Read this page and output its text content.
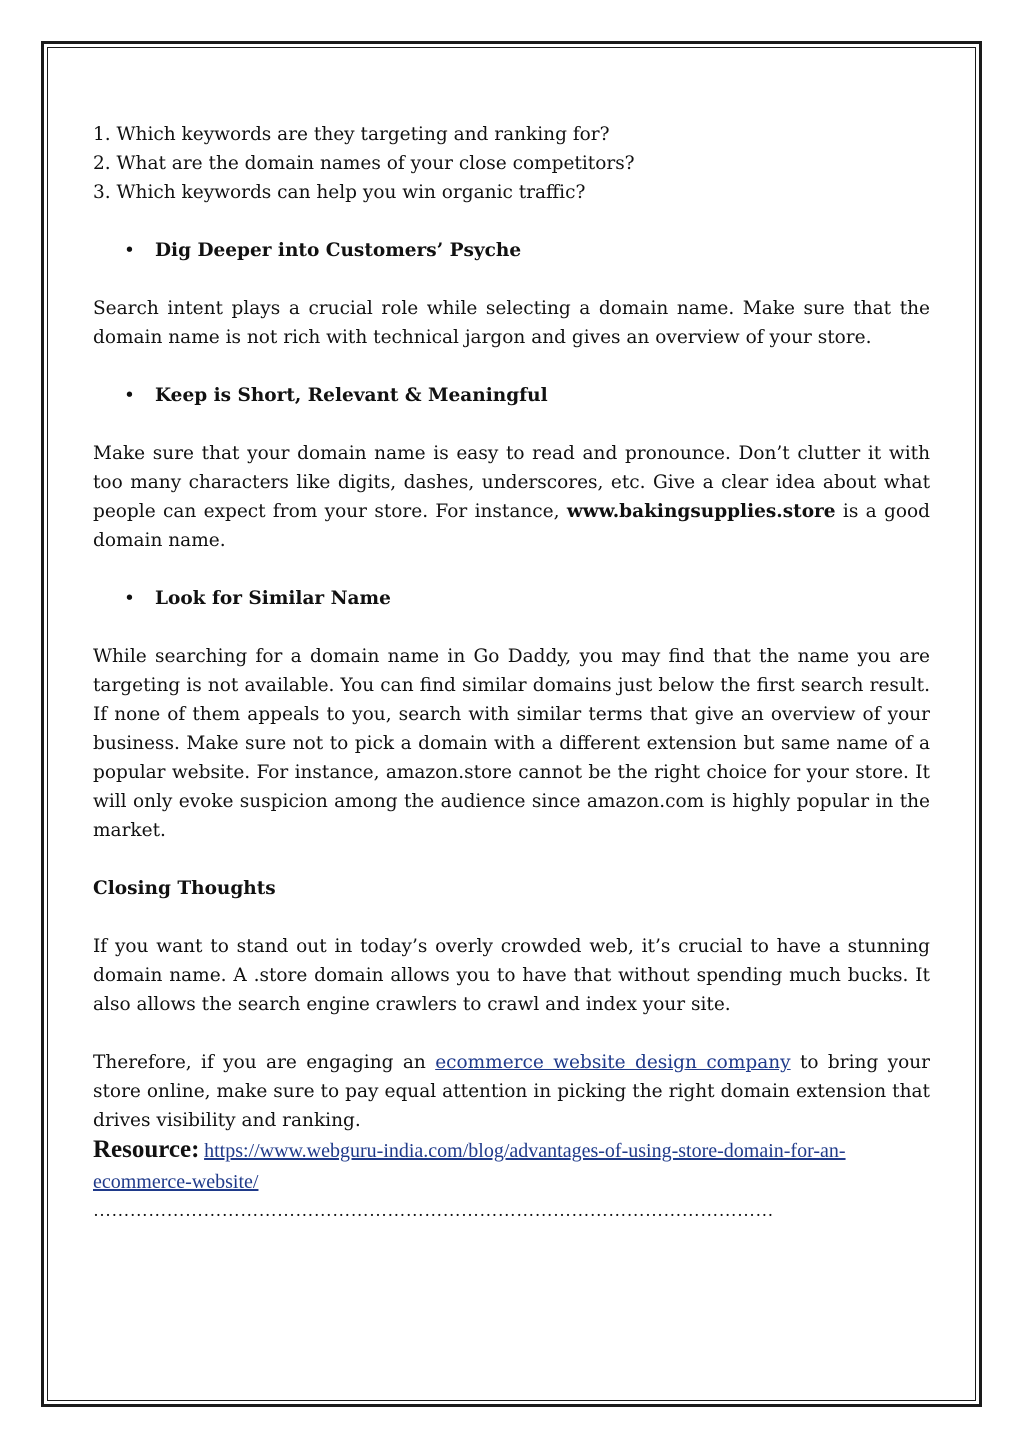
1. Which keywords are they targeting and ranking for?
2. What are the domain names of your close competitors?
3. Which keywords can help you win organic traffic?

• Dig Deeper into Customers’ Psyche

Search intent plays a crucial role while selecting a domain name. Make sure that the domain name is not rich with technical jargon and gives an overview of your store.

• Keep is Short, Relevant & Meaningful

Make sure that your domain name is easy to read and pronounce. Don’t clutter it with too many characters like digits, dashes, underscores, etc. Give a clear idea about what people can expect from your store. For instance, www.bakingsupplies.store is a good domain name.

• Look for Similar Name

While searching for a domain name in Go Daddy, you may find that the name you are targeting is not available. You can find similar domains just below the first search result. If none of them appeals to you, search with similar terms that give an overview of your business. Make sure not to pick a domain with a different extension but same name of a popular website. For instance, amazon.store cannot be the right choice for your store. It will only evoke suspicion among the audience since amazon.com is highly popular in the market.

Closing Thoughts

If you want to stand out in today’s overly crowded web, it’s crucial to have a stunning domain name. A .store domain allows you to have that without spending much bucks. It also allows the search engine crawlers to crawl and index your site.

Therefore, if you are engaging an ecommerce website design company to bring your store online, make sure to pay equal attention in picking the right domain extension that drives visibility and ranking.

Resource: https://www.webguru-india.com/blog/advantages-of-using-store-domain-for-an-ecommerce-website/

…………………………………………………………………………………………………
